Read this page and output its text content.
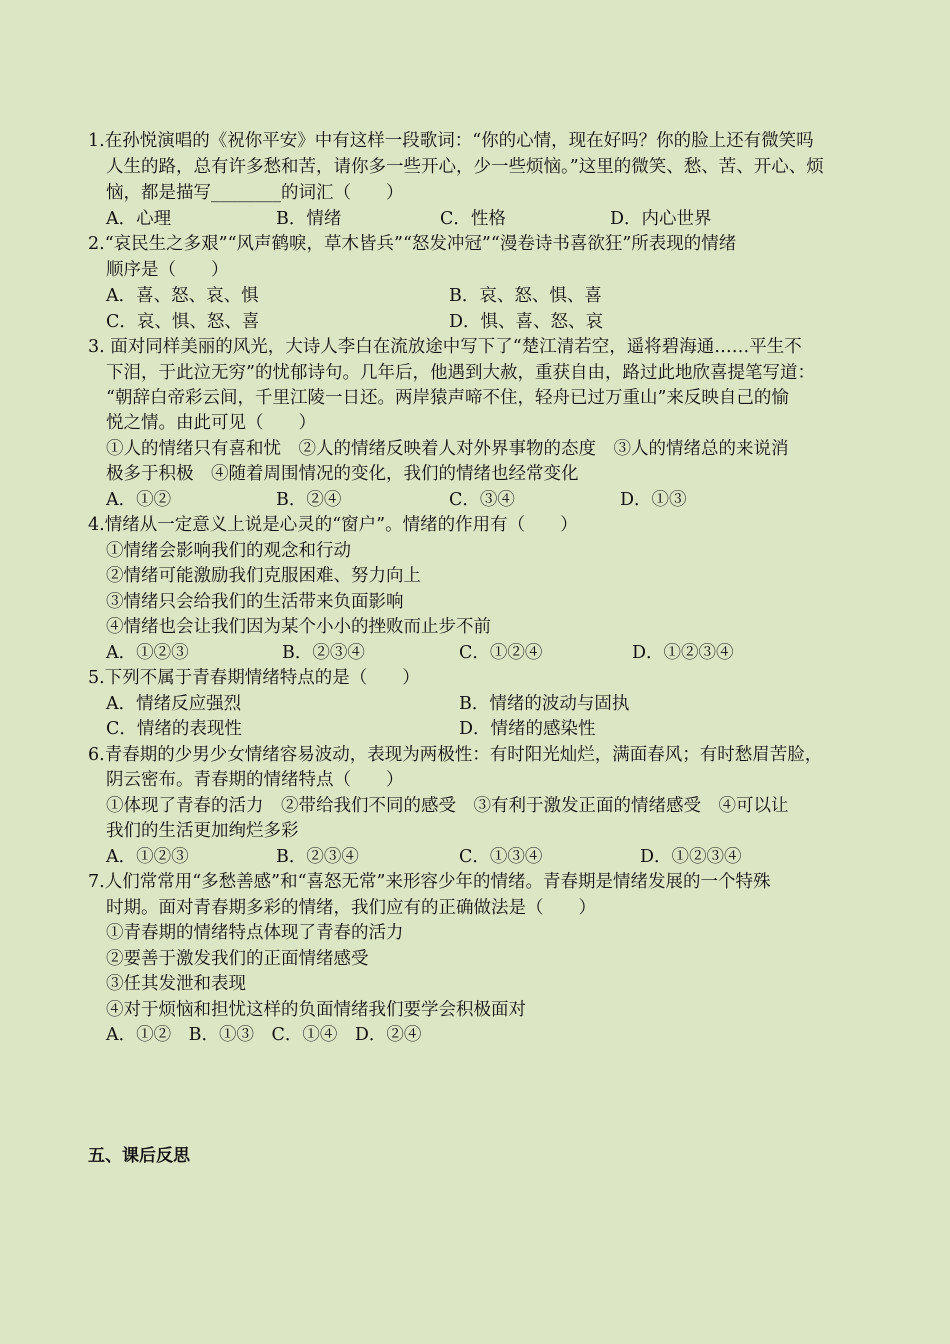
1.在孙悦演唱的《祝你平安》中有这样一段歌词：“你的心情，现在好吗？你的脸上还有微笑吗
人生的路，总有许多愁和苦，请你多一些开心，少一些烦恼。”这里的微笑、愁、苦、开心、烦
恼，都是描写________的词汇（　　）
A．心理	B．情绪	C．性格	D．内心世界
2.“哀民生之多艰”“风声鹤唳，草木皆兵”“怒发冲冠”“漫卷诗书喜欲狂”所表现的情绪
顺序是（　　）
A．喜、怒、哀、惧	B．哀、怒、惧、喜
C．哀、惧、怒、喜	D．惧、喜、怒、哀
3. 面对同样美丽的风光，大诗人李白在流放途中写下了“楚江清若空，遥将碧海通……平生不
下泪，于此泣无穷”的忧郁诗句。几年后，他遇到大赦，重获自由，路过此地欣喜提笔写道：
“朝辞白帝彩云间，千里江陵一日还。两岸猿声啼不住，轻舟已过万重山”来反映自己的愉
悦之情。由此可见（　　）
①人的情绪只有喜和忧　②人的情绪反映着人对外界事物的态度　③人的情绪总的来说消
极多于积极　④随着周围情况的变化，我们的情绪也经常变化
A．①②	B．②④	C．③④	D．①③
4.情绪从一定意义上说是心灵的“窗户”。情绪的作用有（　　）
①情绪会影响我们的观念和行动
②情绪可能激励我们克服困难、努力向上
③情绪只会给我们的生活带来负面影响
④情绪也会让我们因为某个小小的挫败而止步不前
A．①②③	B．②③④	C．①②④	D．①②③④
5.下列不属于青春期情绪特点的是（　　）
A．情绪反应强烈	B．情绪的波动与固执
C．情绪的表现性	D．情绪的感染性
6.青春期的少男少女情绪容易波动，表现为两极性：有时阳光灿烂，满面春风；有时愁眉苦脸，
阴云密布。青春期的情绪特点（　　）
①体现了青春的活力　②带给我们不同的感受　③有利于激发正面的情绪感受　④可以让
我们的生活更加绚烂多彩
A．①②③	B．②③④	C．①③④	D．①②③④
7.人们常常用“多愁善感”和“喜怒无常”来形容少年的情绪。青春期是情绪发展的一个特殊
时期。面对青春期多彩的情绪，我们应有的正确做法是（　　）
①青春期的情绪特点体现了青春的活力
②要善于激发我们的正面情绪感受
③任其发泄和表现
④对于烦恼和担忧这样的负面情绪我们要学会积极面对
A．①②　B．①③　C．①④　D．②④
五、课后反思
